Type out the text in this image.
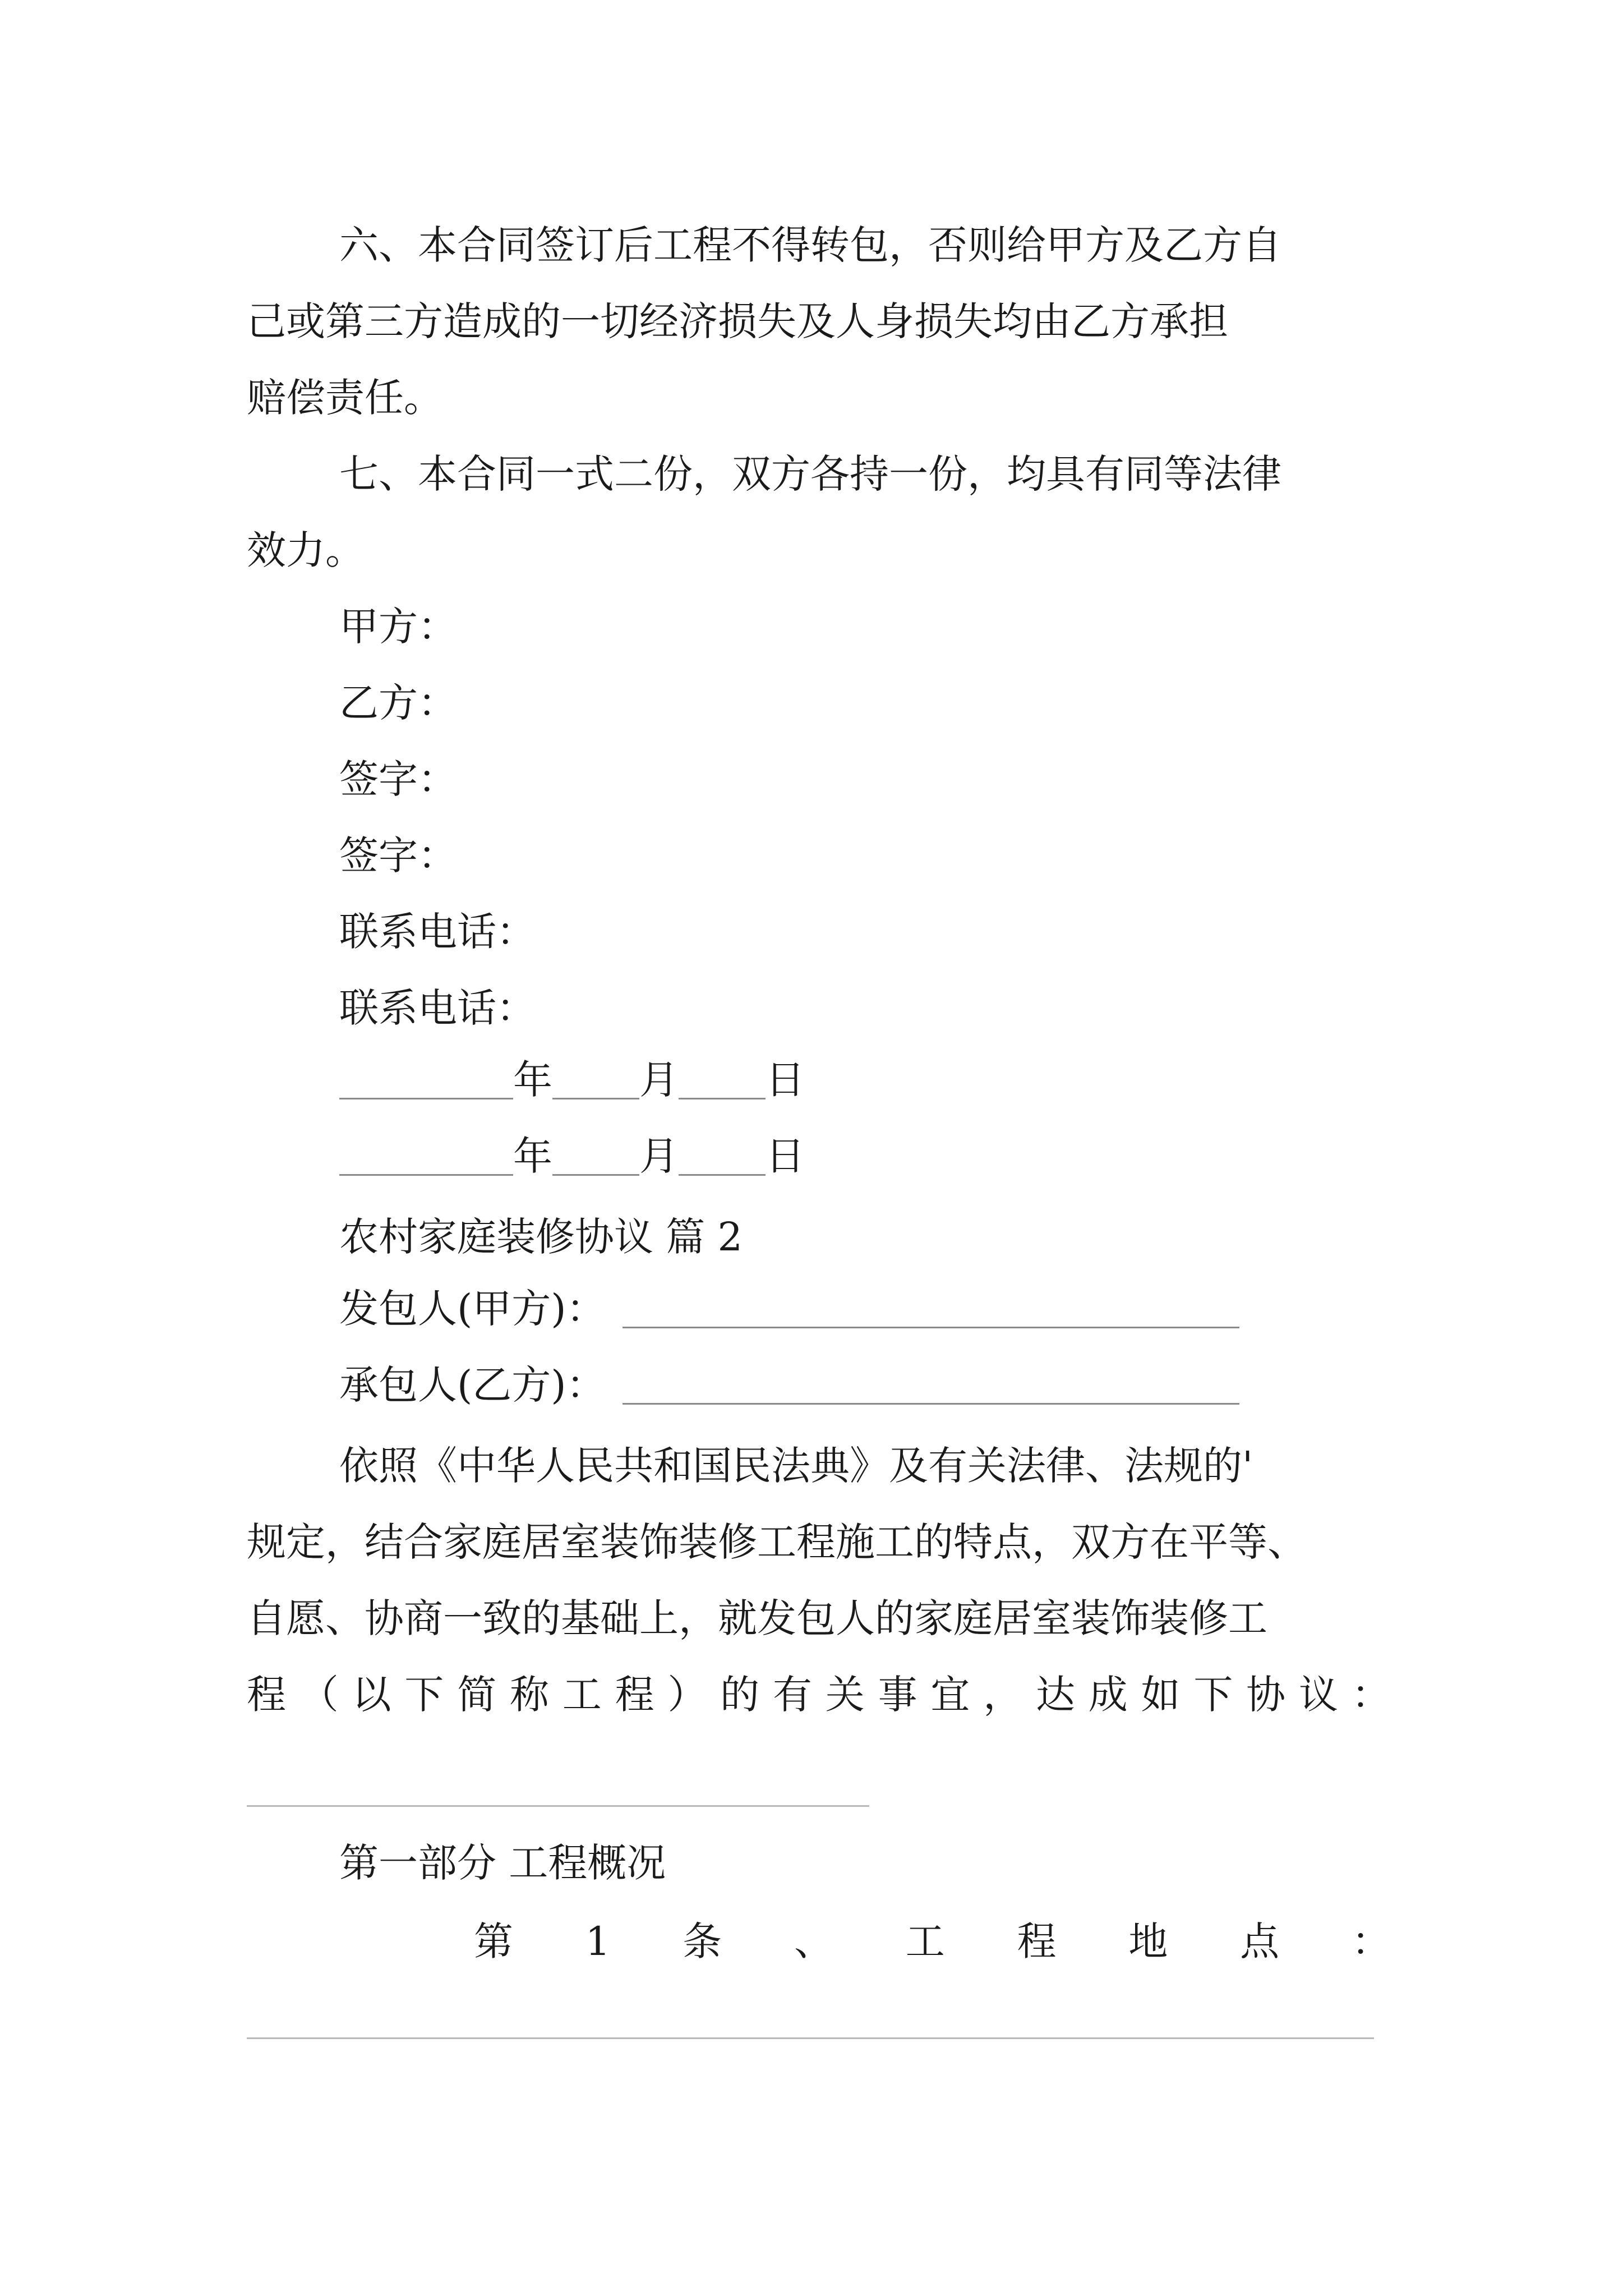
六、本合同签订后工程不得转包，否则给甲方及乙方自
己或第三方造成的一切经济损失及人身损失均由乙方承担
赔偿责任。
七、本合同一式二份，双方各持一份，均具有同等法律
效力。
甲方：
乙方：
签字：
签字：
联系电话：
联系电话：
年 月 日
年 月 日
农村家庭装修协议 篇 2
发包人(甲方)：
承包人(乙方)：
依照《中华人民共和国民法典》及有关法律、法规的'
规定，结合家庭居室装饰装修工程施工的特点，双方在平等、
自愿、协商一致的基础上，就发包人的家庭居室装饰装修工
程 （ 以 下 简 称 工 程 ） 的 有 关 事 宜 ， 达 成 如 下 协 议 ：
第一部分 工程概况
第 1 条 、 工 程 地 点 ：
